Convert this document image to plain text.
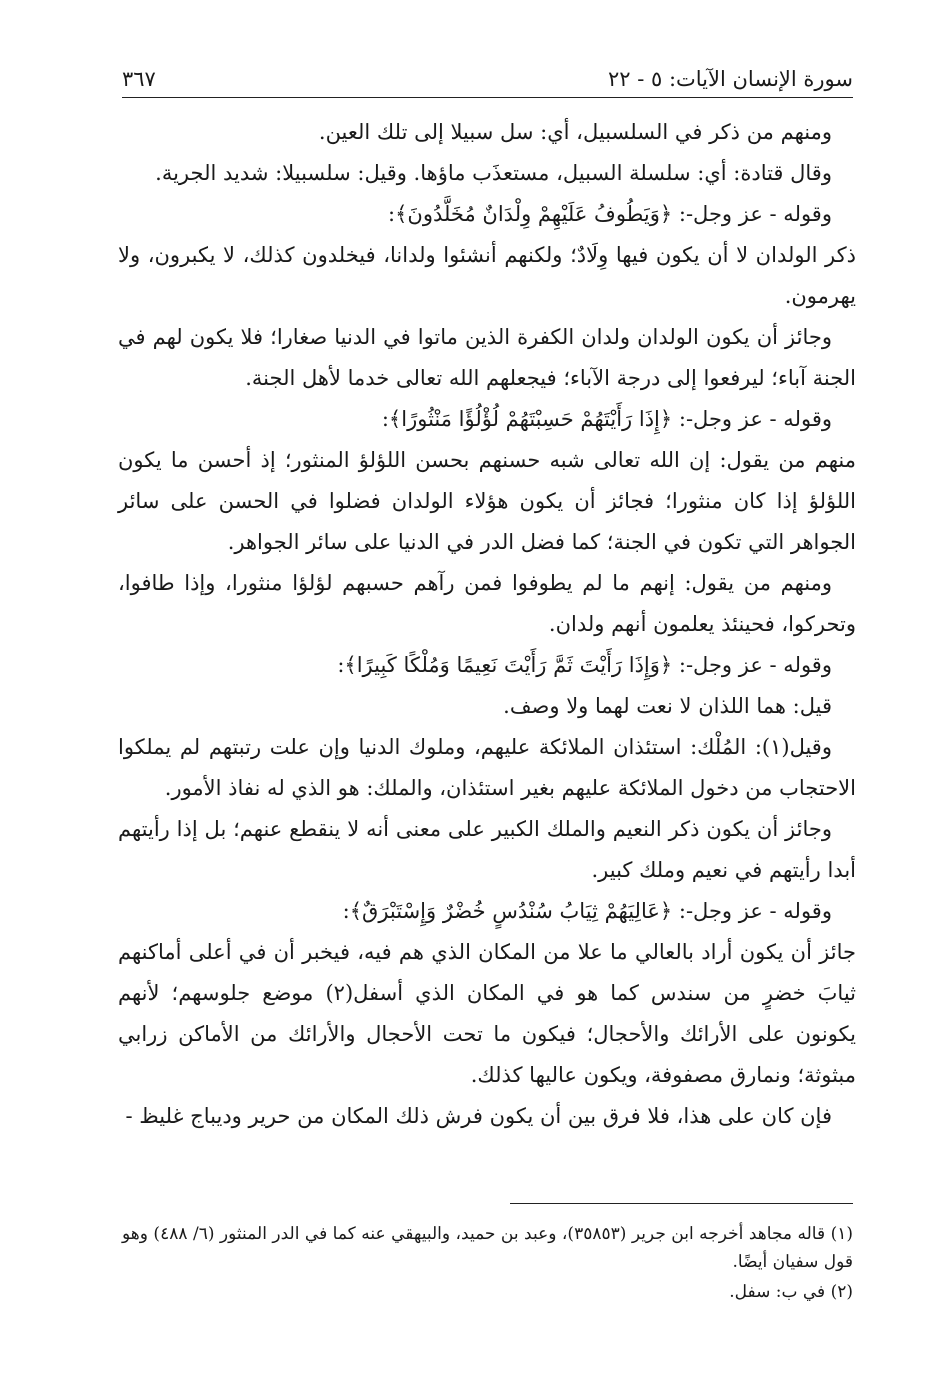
سورة الإنسان الآيات: ٥ - ٢٢
٣٦٧

ومنهم من ذكر في السلسبيل، أي: سل سبيلا إلى تلك العين.

وقال قتادة: أي: سلسلة السبيل، مستعذَب ماؤها. وقيل: سلسبيلا: شديد الجرية.

وقوله - عز وجل-: ﴿وَيَطُوفُ عَلَيْهِمْ وِلْدَانٌ مُخَلَّدُونَ﴾:

ذكر الولدان لا أن يكون فيها وِلَادٌ؛ ولكنهم أنشئوا ولدانا، فيخلدون كذلك، لا يكبرون، ولا يهرمون.

وجائز أن يكون الولدان ولدان الكفرة الذين ماتوا في الدنيا صغارا؛ فلا يكون لهم في الجنة آباء؛ ليرفعوا إلى درجة الآباء؛ فيجعلهم الله تعالى خدما لأهل الجنة.

وقوله - عز وجل-: ﴿إِذَا رَأَيْتَهُمْ حَسِبْتَهُمْ لُؤْلُؤًا مَنْثُورًا﴾:

منهم من يقول: إن الله تعالى شبه حسنهم بحسن اللؤلؤ المنثور؛ إذ أحسن ما يكون اللؤلؤ إذا كان منثورا؛ فجائز أن يكون هؤلاء الولدان فضلوا في الحسن على سائر الجواهر التي تكون في الجنة؛ كما فضل الدر في الدنيا على سائر الجواهر.

ومنهم من يقول: إنهم ما لم يطوفوا فمن رآهم حسبهم لؤلؤا منثورا، وإذا طافوا، وتحركوا، فحينئذ يعلمون أنهم ولدان.

وقوله - عز وجل-: ﴿وَإِذَا رَأَيْتَ ثَمَّ رَأَيْتَ نَعِيمًا وَمُلْكًا كَبِيرًا﴾:

قيل: هما اللذان لا نعت لهما ولا وصف.

وقيل(١): المُلْك: استئذان الملائكة عليهم، وملوك الدنيا وإن علت رتبتهم لم يملكوا الاحتجاب من دخول الملائكة عليهم بغير استئذان، والملك: هو الذي له نفاذ الأمور.

وجائز أن يكون ذكر النعيم والملك الكبير على معنى أنه لا ينقطع عنهم؛ بل إذا رأيتهم أبدا رأيتهم في نعيم وملك كبير.

وقوله - عز وجل-: ﴿عَالِيَهُمْ ثِيَابُ سُنْدُسٍ خُضْرٌ وَإِسْتَبْرَقٌ﴾:

جائز أن يكون أراد بالعالي ما علا من المكان الذي هم فيه، فيخبر أن في أعلى أماكنهم ثيابَ خضرٍ من سندس كما هو في المكان الذي أسفل(٢) موضع جلوسهم؛ لأنهم يكونون على الأرائك والأحجال؛ فيكون ما تحت الأحجال والأرائك من الأماكن زرابي مبثوثة؛ ونمارق مصفوفة، ويكون عاليها كذلك.

فإن كان على هذا، فلا فرق بين أن يكون فرش ذلك المكان من حرير وديباج غليظ -

(١) قاله مجاهد أخرجه ابن جرير (٣٥٨٥٣)، وعبد بن حميد، والبيهقي عنه كما في الدر المنثور (٦/ ٤٨٨) وهو قول سفيان أيضًا.

(٢) في ب: سفل.
